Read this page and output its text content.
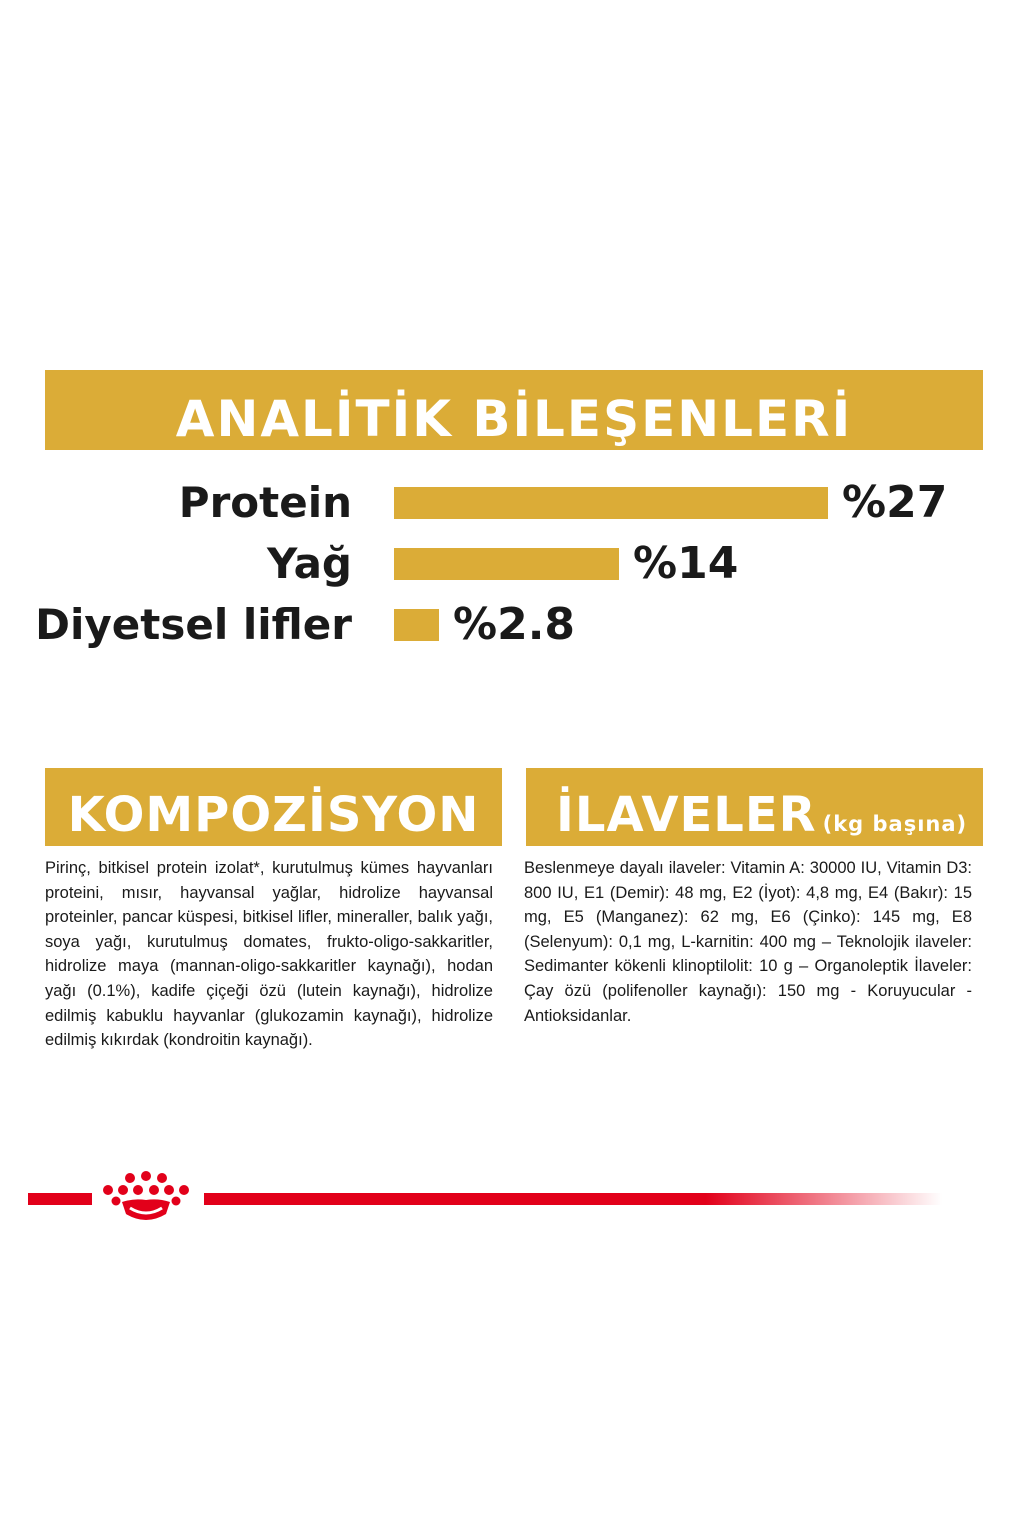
ANALİTİK BİLEŞENLERİ
Protein	%27
Yağ	%14
Diyetsel lifler %2.8
KOMPOZİSYON
Pirinç, bitkisel protein izolat*, kurutulmuş kümes hayvanları proteini, mısır, hayvansal yağlar, hidrolize hayvansal proteinler, pancar küspesi, bitkisel lifler, mineraller, balık yağı, soya yağı, kurutulmuş domates, frukto-oligo-sakkaritler, hidrolize maya (mannan-oligo-sakkaritler kaynağı), hodan yağı (0.1%), kadife çiçeği özü (lutein kaynağı), hidrolize edilmiş kabuklu hayvanlar (glukozamin kaynağı), hidrolize edilmiş kıkırdak (kondroitin kaynağı).
İLAVELER (kg başına)
Beslenmeye dayalı ilaveler: Vitamin A: 30000 IU, Vitamin D3: 800 IU, E1 (Demir): 48 mg, E2 (İyot): 4,8 mg, E4 (Bakır): 15 mg, E5 (Manganez): 62 mg, E6 (Çinko): 145 mg, E8 (Selenyum): 0,1 mg, L-karnitin: 400 mg – Teknolojik ilaveler: Sedimanter kökenli klinoptilolit: 10 g – Organoleptik İlaveler: Çay özü (polifenoller kaynağı): 150 mg - Koruyucular - Antioksidanlar.
